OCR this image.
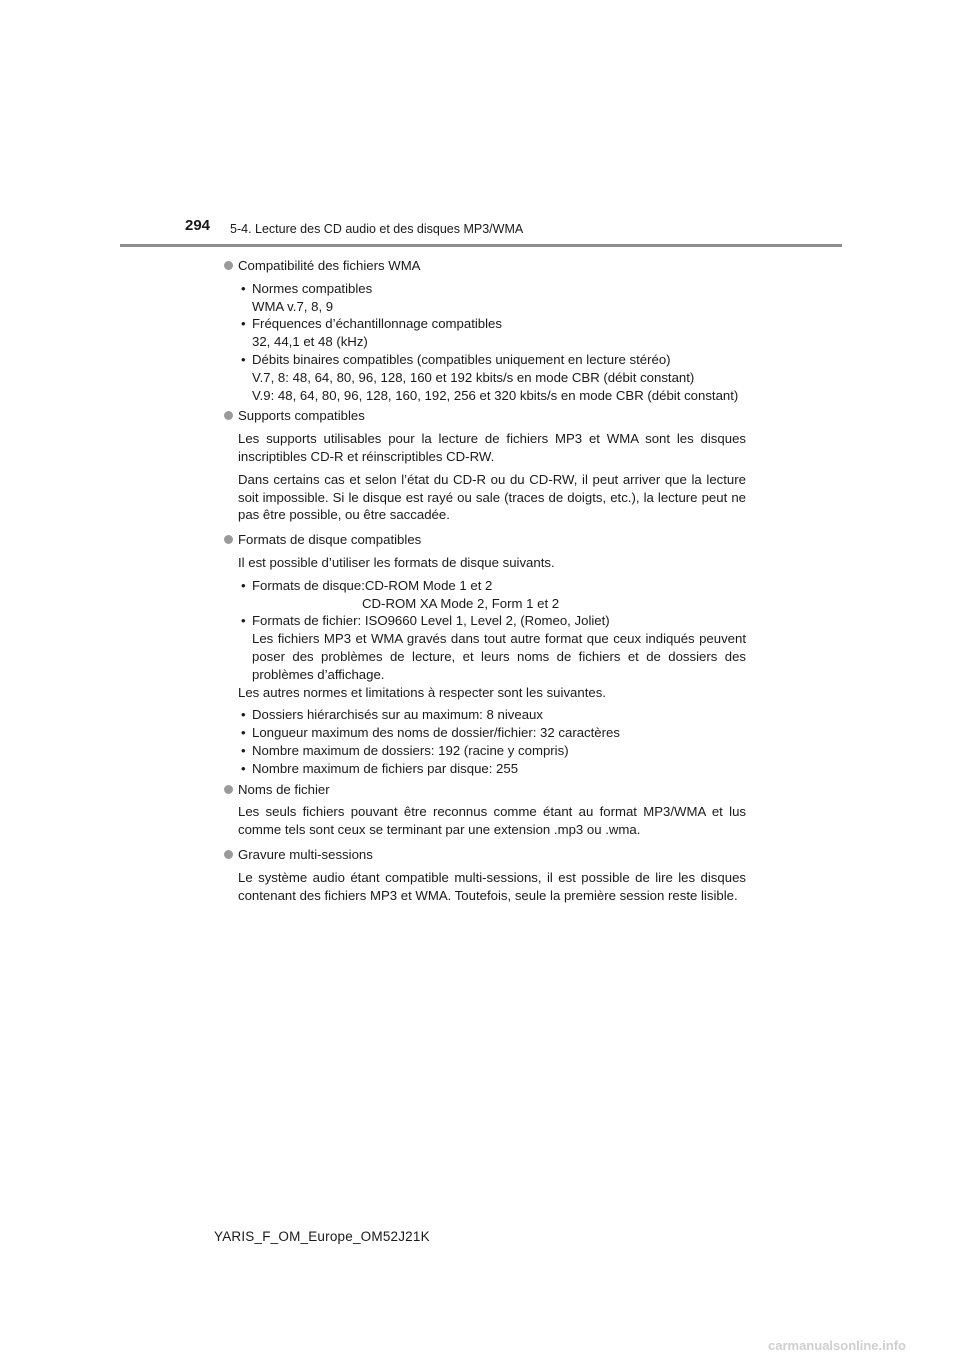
294 5-4. Lecture des CD audio et des disques MP3/WMA
Compatibilité des fichiers WMA
• Normes compatibles
WMA v.7, 8, 9
• Fréquences d’échantillonnage compatibles
32, 44,1 et 48 (kHz)
• Débits binaires compatibles (compatibles uniquement en lecture stéréo)
V.7, 8: 48, 64, 80, 96, 128, 160 et 192 kbits/s en mode CBR (débit constant)
V.9: 48, 64, 80, 96, 128, 160, 192, 256 et 320 kbits/s en mode CBR (débit constant)
Supports compatibles
Les supports utilisables pour la lecture de fichiers MP3 et WMA sont les disques inscriptibles CD-R et réinscriptibles CD-RW.
Dans certains cas et selon l’état du CD-R ou du CD-RW, il peut arriver que la lecture soit impossible. Si le disque est rayé ou sale (traces de doigts, etc.), la lecture peut ne pas être possible, ou être saccadée.
Formats de disque compatibles
Il est possible d’utiliser les formats de disque suivants.
• Formats de disque:CD-ROM Mode 1 et 2
CD-ROM XA Mode 2, Form 1 et 2
• Formats de fichier: ISO9660 Level 1, Level 2, (Romeo, Joliet)
Les fichiers MP3 et WMA gravés dans tout autre format que ceux indiqués peuvent poser des problèmes de lecture, et leurs noms de fichiers et de dossiers des problèmes d’affichage.
Les autres normes et limitations à respecter sont les suivantes.
• Dossiers hiérarchisés sur au maximum: 8 niveaux
• Longueur maximum des noms de dossier/fichier: 32 caractères
• Nombre maximum de dossiers: 192 (racine y compris)
• Nombre maximum de fichiers par disque: 255
Noms de fichier
Les seuls fichiers pouvant être reconnus comme étant au format MP3/WMA et lus comme tels sont ceux se terminant par une extension .mp3 ou .wma.
Gravure multi-sessions
Le système audio étant compatible multi-sessions, il est possible de lire les disques contenant des fichiers MP3 et WMA. Toutefois, seule la première session reste lisible.
YARIS_F_OM_Europe_OM52J21K
carmanualsonline.info
